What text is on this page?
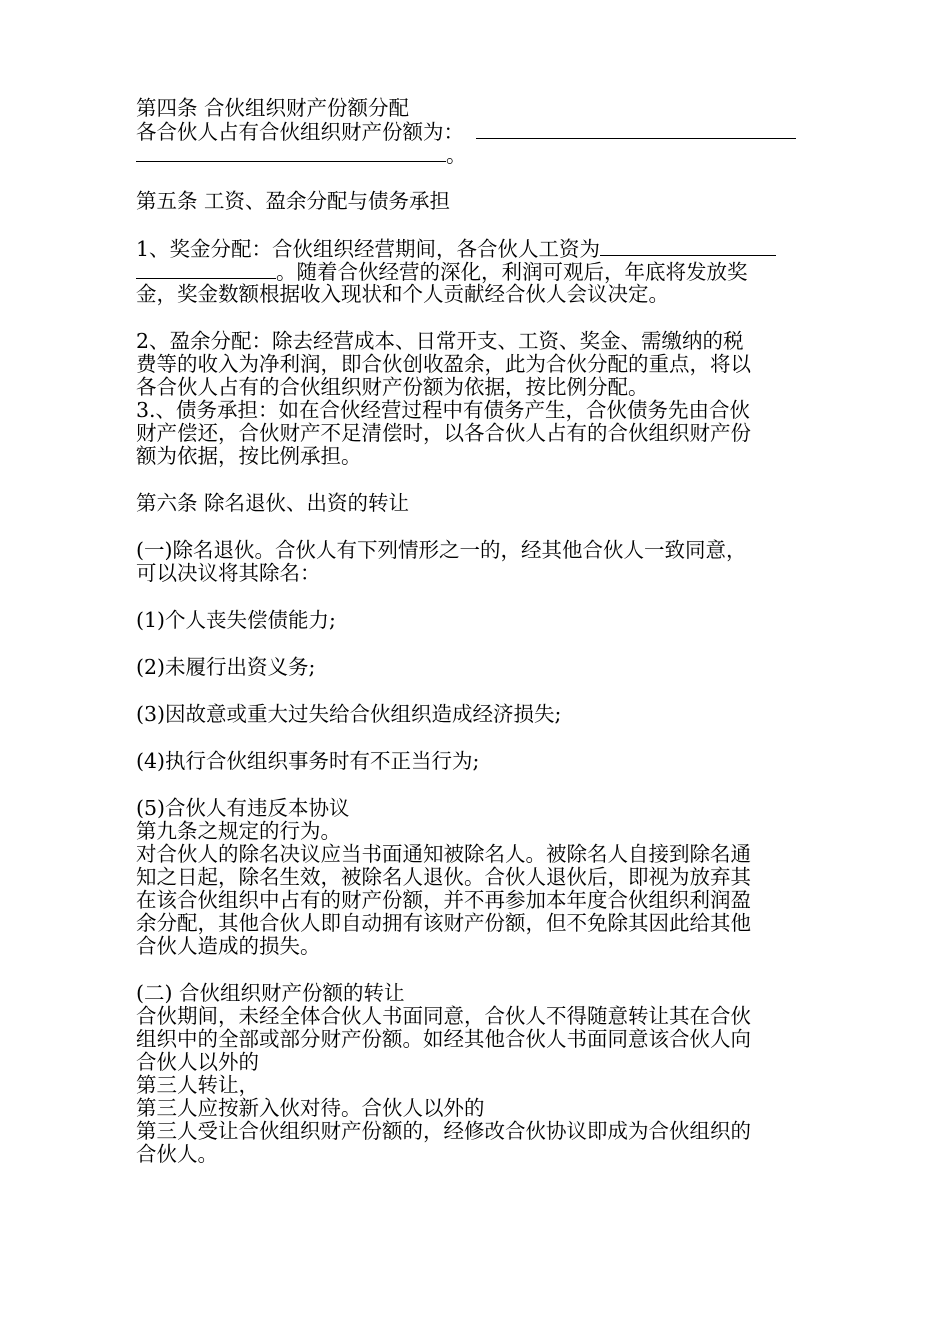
第四条 合伙组织财产份额分配
各合伙人占有合伙组织财产份额为：
。
第五条 工资、盈余分配与债务承担
1、奖金分配：合伙组织经营期间，各合伙人工资为
。随着合伙经营的深化，利润可观后，年底将发放奖
金，奖金数额根据收入现状和个人贡献经合伙人会议决定。
2、盈余分配：除去经营成本、日常开支、工资、奖金、需缴纳的税
费等的收入为净利润，即合伙创收盈余，此为合伙分配的重点，将以
各合伙人占有的合伙组织财产份额为依据，按比例分配。
3.、债务承担：如在合伙经营过程中有债务产生，合伙债务先由合伙
财产偿还，合伙财产不足清偿时，以各合伙人占有的合伙组织财产份
额为依据，按比例承担。
第六条 除名退伙、出资的转让
(一)除名退伙。合伙人有下列情形之一的，经其他合伙人一致同意，
可以决议将其除名：
(1)个人丧失偿债能力;
(2)未履行出资义务;
(3)因故意或重大过失给合伙组织造成经济损失;
(4)执行合伙组织事务时有不正当行为;
(5)合伙人有违反本协议
第九条之规定的行为。
对合伙人的除名决议应当书面通知被除名人。被除名人自接到除名通
知之日起，除名生效，被除名人退伙。合伙人退伙后，即视为放弃其
在该合伙组织中占有的财产份额，并不再参加本年度合伙组织利润盈
余分配，其他合伙人即自动拥有该财产份额，但不免除其因此给其他
合伙人造成的损失。
(二) 合伙组织财产份额的转让
合伙期间，未经全体合伙人书面同意，合伙人不得随意转让其在合伙
组织中的全部或部分财产份额。如经其他合伙人书面同意该合伙人向
合伙人以外的
第三人转让，
第三人应按新入伙对待。合伙人以外的
第三人受让合伙组织财产份额的，经修改合伙协议即成为合伙组织的
合伙人。
